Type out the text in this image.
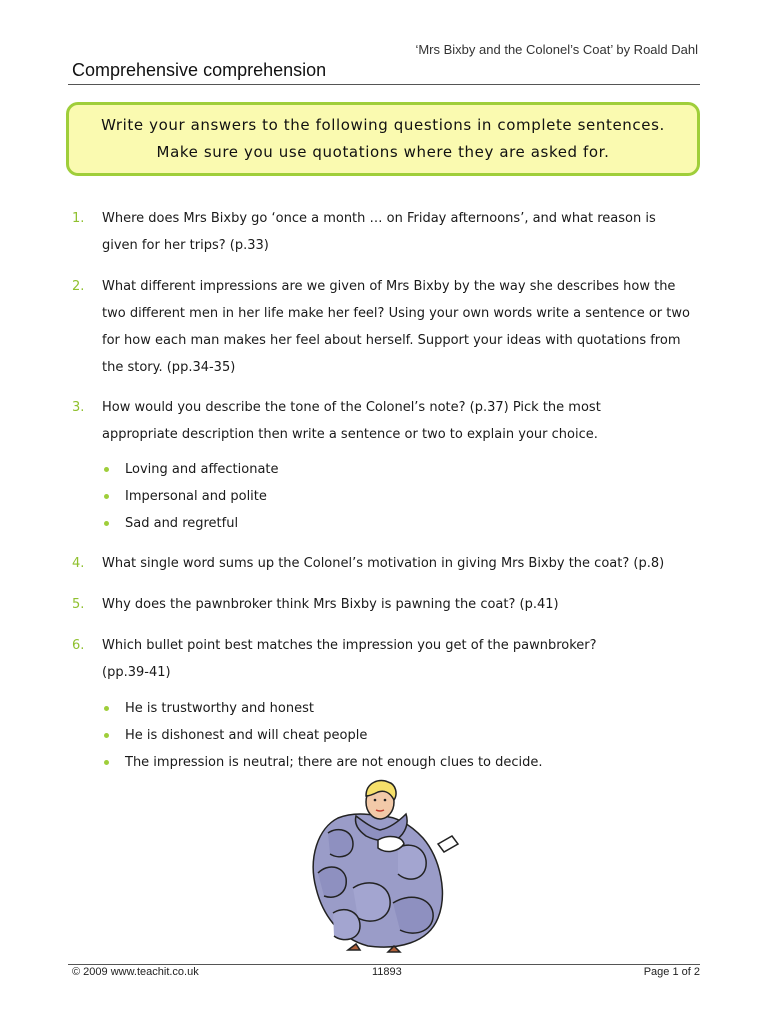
‘Mrs Bixby and the Colonel’s Coat’ by Roald Dahl
Comprehensive comprehension
Write your answers to the following questions in complete sentences.
Make sure you use quotations where they are asked for.
1.	Where does Mrs Bixby go ‘once a month … on Friday afternoons’, and what reason is given for her trips? (p.33)
2.	What different impressions are we given of Mrs Bixby by the way she describes how the two different men in her life make her feel? Using your own words write a sentence or two for how each man makes her feel about herself. Support your ideas with quotations from the story. (pp.34-35)
3.	How would you describe the tone of the Colonel’s note? (p.37) Pick the most appropriate description then write a sentence or two to explain your choice.
Loving and affectionate
Impersonal and polite
Sad and regretful
4.	What single word sums up the Colonel’s motivation in giving Mrs Bixby the coat? (p.8)
5.	Why does the pawnbroker think Mrs Bixby is pawning the coat? (p.41)
6.	Which bullet point best matches the impression you get of the pawnbroker? (pp.39-41)
He is trustworthy and honest
He is dishonest and will cheat people
The impression is neutral; there are not enough clues to decide.
© 2009 www.teachit.co.uk	11893	Page 1 of 2
